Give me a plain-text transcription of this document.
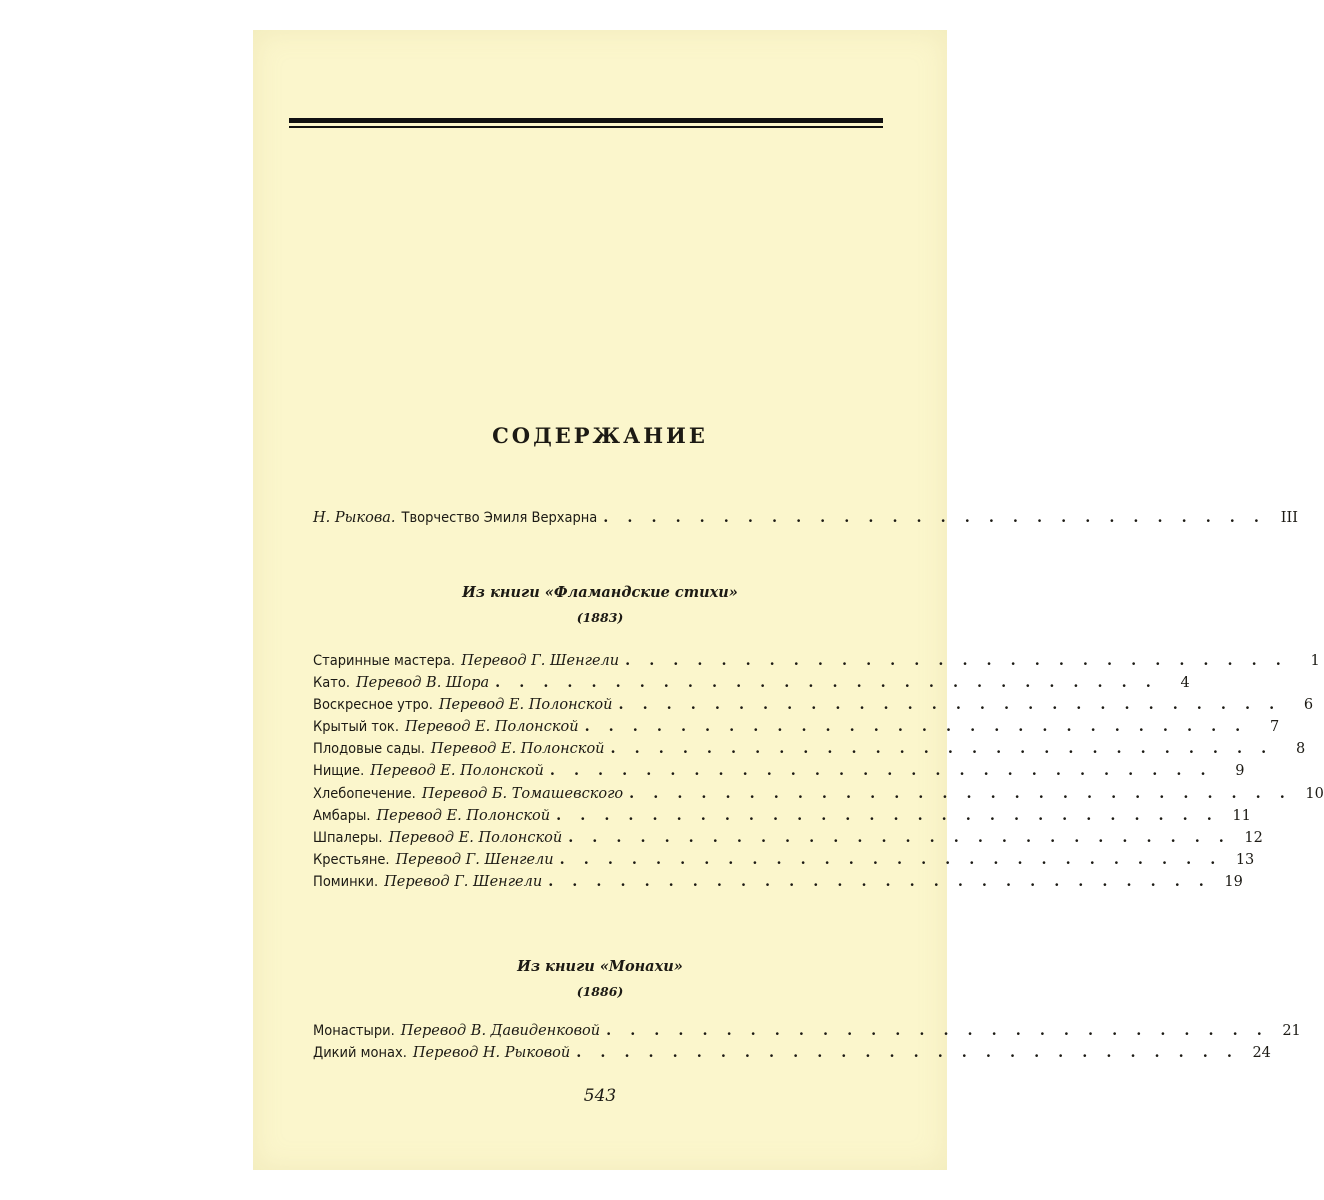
СОДЕРЖАНИЕ
Н. Рыкова. Творчество Эмиля Верхарна . . . . . . . . . . . . . . . . . . . . . . . . . . . .	III
Из книги «Фламандские стихи»
(1883)
Старинные мастера. Перевод Г. Шенгели . . . . . . . . . . . . . . . . . . . . . . . . . . . .	1
Като. Перевод В. Шора . . . . . . . . . . . . . . . . . . . . . . . . . . . .	4
Воскресное утро. Перевод Е. Полонской . . . . . . . . . . . . . . . . . . . . . . . . . . . .	6
Крытый ток. Перевод Е. Полонской . . . . . . . . . . . . . . . . . . . . . . . . . . . .	7
Плодовые сады. Перевод Е. Полонской . . . . . . . . . . . . . . . . . . . . . . . . . . . .	8
Нищие. Перевод Е. Полонской . . . . . . . . . . . . . . . . . . . . . . . . . . . .	9
Хлебопечение. Перевод Б. Томашевского . . . . . . . . . . . . . . . . . . . . . . . . . . . . 10
Амбары. Перевод Е. Полонской . . . . . . . . . . . . . . . . . . . . . . . . . . . . 11
Шпалеры. Перевод Е. Полонской . . . . . . . . . . . . . . . . . . . . . . . . . . . . 12
Крестьяне. Перевод Г. Шенгели . . . . . . . . . . . . . . . . . . . . . . . . . . . . 13
Поминки. Перевод Г. Шенгели . . . . . . . . . . . . . . . . . . . . . . . . . . . . 19
Из книги «Монахи»
(1886)
Монастыри. Перевод В. Давиденковой . . . . . . . . . . . . . . . . . . . . . . . . . . . . 21
Дикий монах. Перевод Н. Рыковой . . . . . . . . . . . . . . . . . . . . . . . . . . . . 24
543
